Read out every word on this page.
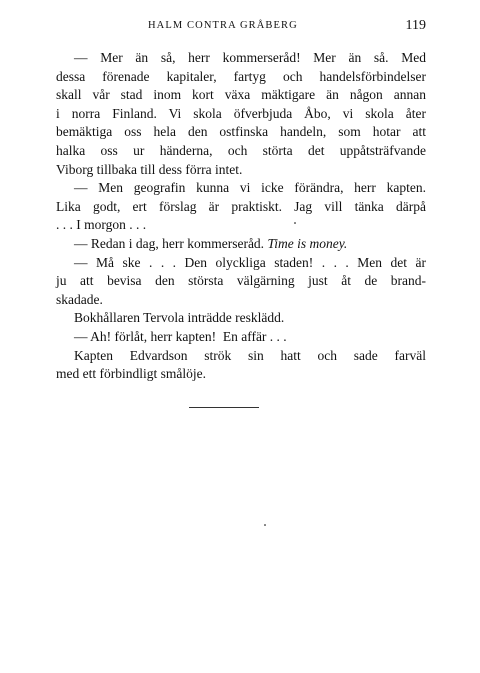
HALM CONTRA GRÅBERG	119
— Mer än så, herr kommerseråd! Mer än så. Med
dessa förenade kapitaler, fartyg och handelsförbindelser
skall vår stad inom kort växa mäktigare än någon annan
i norra Finland. Vi skola öfverbjuda Åbo, vi skola åter
bemäktiga oss hela den ostfinska handeln, som hotar att
halka oss ur händerna, och störta det uppåtsträfvande
Viborg tillbaka till dess förra intet.
— Men geografin kunna vi icke förändra, herr kapten.
Lika godt, ert förslag är praktiskt. Jag vill tänka därpå
. . . I morgon . . .
— Redan i dag, herr kommerseråd. Time is money.
— Må ske . . . Den olyckliga staden! . . . Men det är
ju att bevisa den största välgärning just åt de brand-
skadade.
Bokhållaren Tervola inträdde resklädd.
— Ah! förlåt, herr kapten! En affär . . .
Kapten Edvardson strök sin hatt och sade farväl
med ett förbindligt smålöje.
